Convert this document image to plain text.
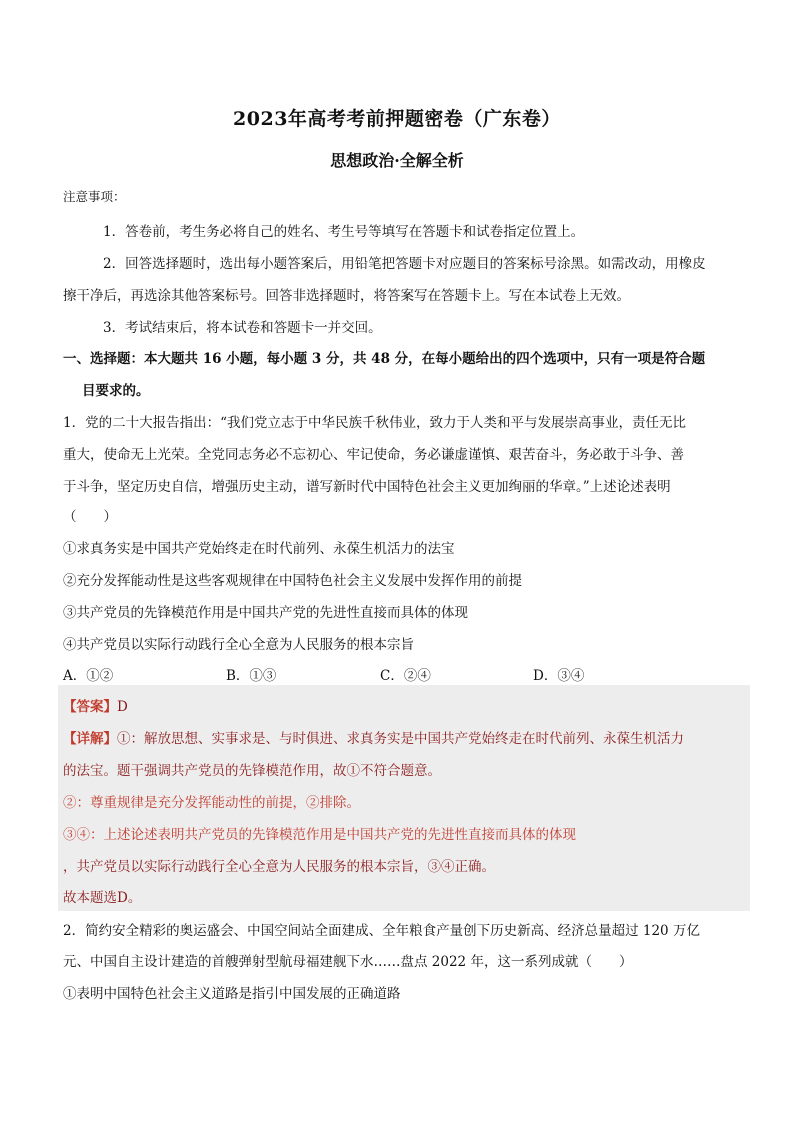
2023年高考考前押题密卷（广东卷）
思想政治·全解全析
注意事项：
1．答卷前，考生务必将自己的姓名、考生号等填写在答题卡和试卷指定位置上。
2．回答选择题时，选出每小题答案后，用铅笔把答题卡对应题目的答案标号涂黑。如需改动，用橡皮
擦干净后，再选涂其他答案标号。回答非选择题时，将答案写在答题卡上。写在本试卷上无效。
3．考试结束后，将本试卷和答题卡一并交回。
一、选择题：本大题共 16 小题，每小题 3 分，共 48 分，在每小题给出的四个选项中，只有一项是符合题
目要求的。
1．党的二十大报告指出：“我们党立志于中华民族千秋伟业，致力于人类和平与发展崇高事业，责任无比
重大，使命无上光荣。全党同志务必不忘初心、牢记使命，务必谦虚谨慎、艰苦奋斗，务必敢于斗争、善
于斗争，坚定历史自信，增强历史主动，谱写新时代中国特色社会主义更加绚丽的华章。”上述论述表明
（　　）
①求真务实是中国共产党始终走在时代前列、永葆生机活力的法宝
②充分发挥能动性是这些客观规律在中国特色社会主义发展中发挥作用的前提
③共产党员的先锋模范作用是中国共产党的先进性直接而具体的体现
④共产党员以实际行动践行全心全意为人民服务的根本宗旨
A．①②	B．①③	C．②④	D．③④
【答案】D
【详解】①：解放思想、实事求是、与时俱进、求真务实是中国共产党始终走在时代前列、永葆生机活力
的法宝。题干强调共产党员的先锋模范作用，故①不符合题意。
②：尊重规律是充分发挥能动性的前提，②排除。
③④：上述论述表明共产党员的先锋模范作用是中国共产党的先进性直接而具体的体现
，共产党员以实际行动践行全心全意为人民服务的根本宗旨，③④正确。
故本题选D。
2．简约安全精彩的奥运盛会、中国空间站全面建成、全年粮食产量创下历史新高、经济总量超过 120 万亿
元、中国自主设计建造的首艘弹射型航母福建舰下水……盘点 2022 年，这一系列成就（　　）
①表明中国特色社会主义道路是指引中国发展的正确道路
